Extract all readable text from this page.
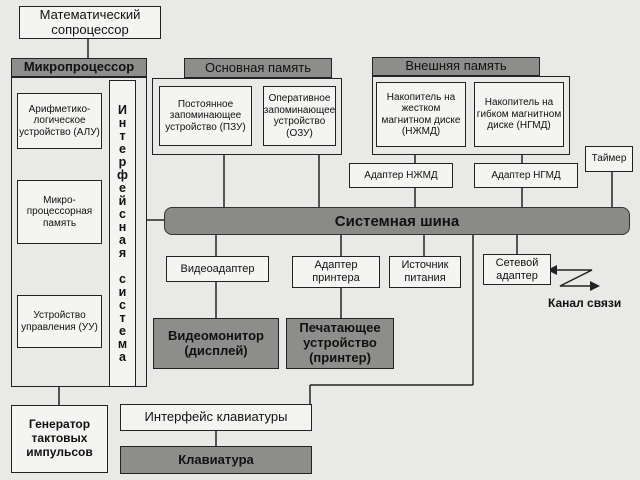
Математический сопроцессор
Микропроцессор
Арифметико- логическое устройство (АЛУ)
Микро- процессорная память
Устройство управления (УУ)
И
н
т
е
р
ф
е
й
с
н
а
я

с
и
с
т
е
м
а
Основная память
Постоянное запоминающее устройство (ПЗУ)
Оперативное запоминающее устройство (ОЗУ)
Внешняя память
Накопитель на жестком магнитном диске (НЖМД)
Накопитель на гибком магнитном диске (НГМД)
Адаптер НЖМД	Адаптер НГМД
Таймер
Системная шина
Видеоадаптер	Адаптер принтера
Источник питания
Сетевой адаптер
Канал связи
Видеомонитор (дисплей)
Печатающее устройство (принтер)
Генератор тактовых импульсов
Интерфейс клавиатуры
Клавиатура
